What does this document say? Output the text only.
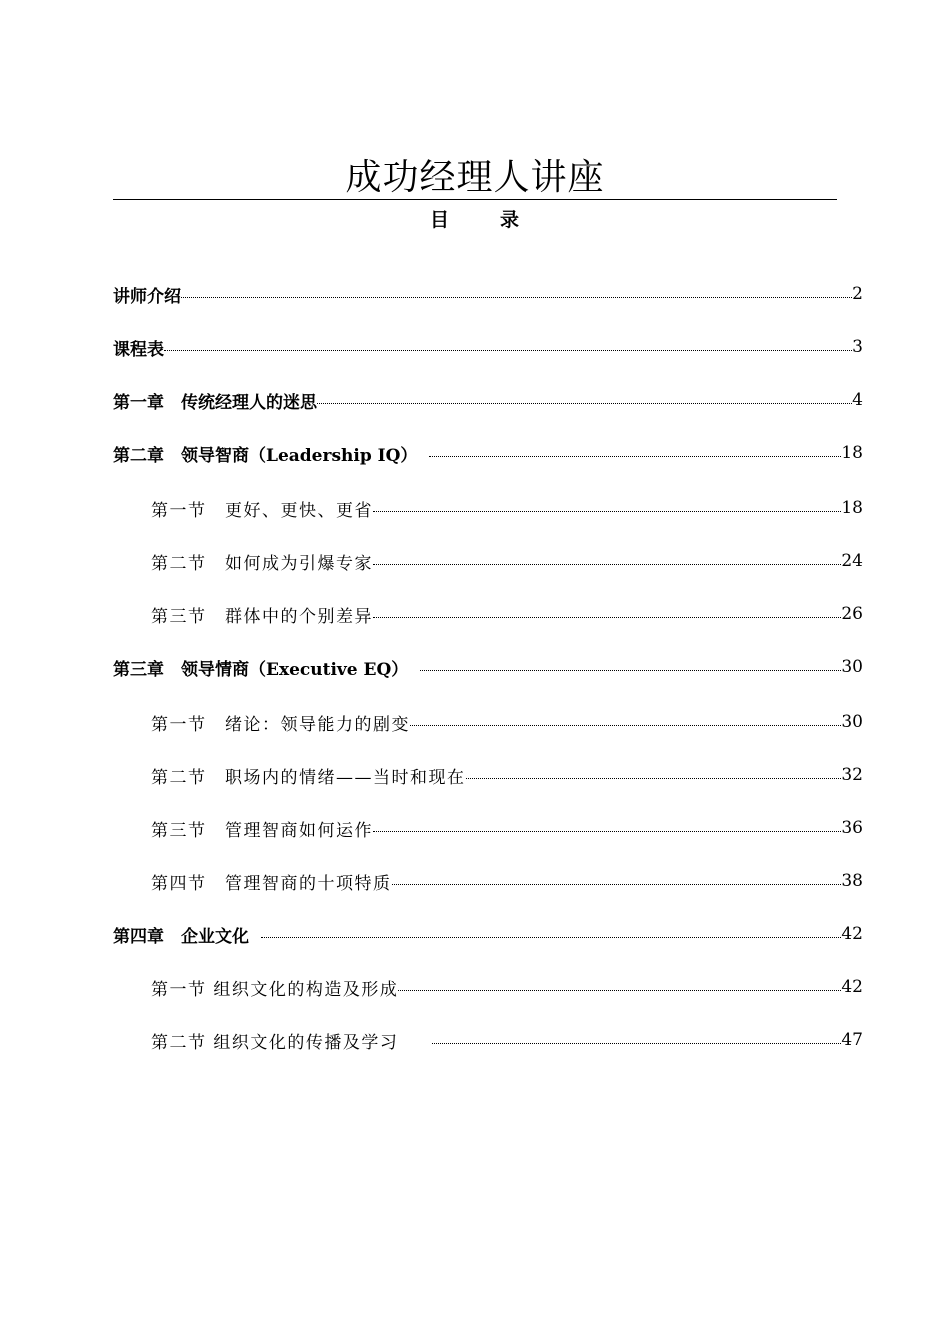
成功经理人讲座
目	录
讲师介绍	2
课程表	3
第一章　传统经理人的迷思	4
第二章　领导智商（Leadership IQ）	18
第一节　更好、更快、更省	18
第二节　如何成为引爆专家	24
第三节　群体中的个别差异	26
第三章　领导情商（Executive EQ）	30
第一节　绪论：领导能力的剧变	30
第二节　职场内的情绪——当时和现在	32
第三节　管理智商如何运作	36
第四节　管理智商的十项特质	38
第四章　企业文化	42
第一节 组织文化的构造及形成	42
第二节 组织文化的传播及学习	47
